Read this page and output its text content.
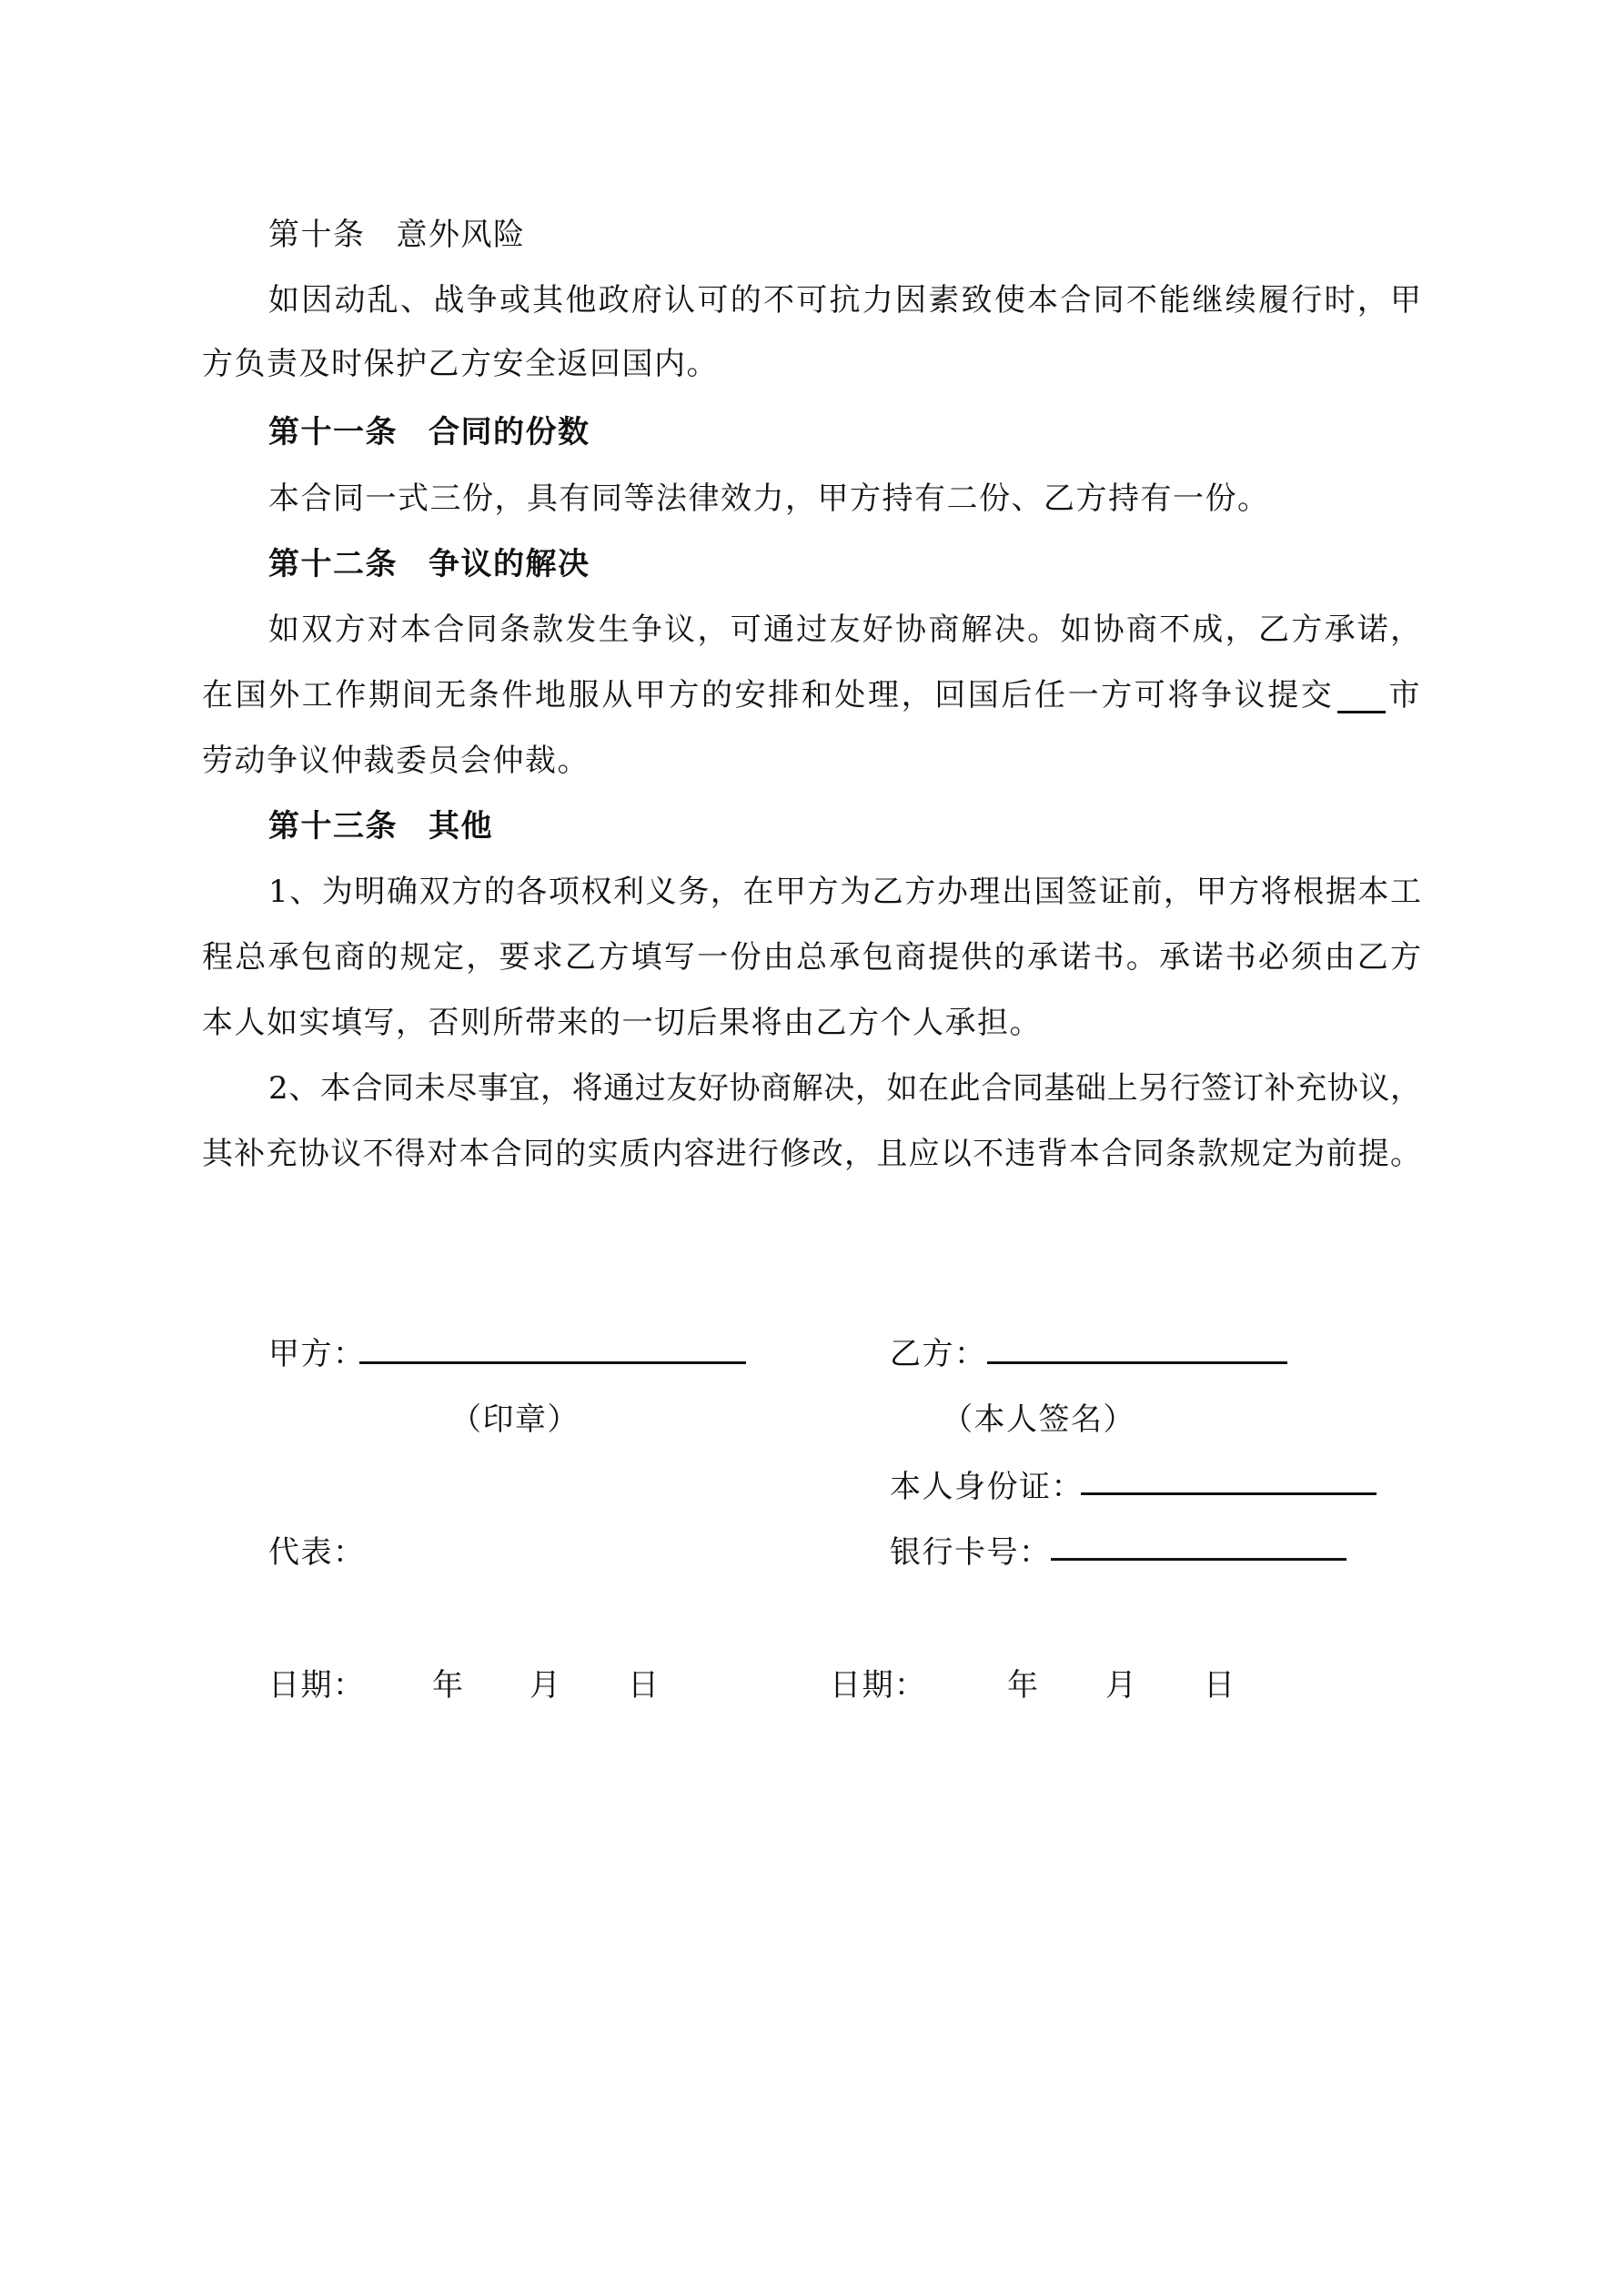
第十条 意外风险
如因动乱、战争或其他政府认可的不可抗力因素致使本合同不能继续履行时，甲
方负责及时保护乙方安全返回国内。
第十一条 合同的份数
本合同一式三份，具有同等法律效力，甲方持有二份、乙方持有一份。
第十二条 争议的解决
如双方对本合同条款发生争议，可通过友好协商解决。如协商不成，乙方承诺，
在国外工作期间无条件地服从甲方的安排和处理，回国后任一方可将争议提交 市
劳动争议仲裁委员会仲裁。
第十三条 其他
1、为明确双方的各项权利义务，在甲方为乙方办理出国签证前，甲方将根据本工
程总承包商的规定，要求乙方填写一份由总承包商提供的承诺书。承诺书必须由乙方
本人如实填写，否则所带来的一切后果将由乙方个人承担。
2、本合同未尽事宜，将通过友好协商解决，如在此合同基础上另行签订补充协议，
其补充协议不得对本合同的实质内容进行修改，且应以不违背本合同条款规定为前提。
甲方：
（印章）
代表：
乙方：
（本人签名）
本人身份证：
银行卡号：
日期： 年 月 日	日期：	年 月 日
